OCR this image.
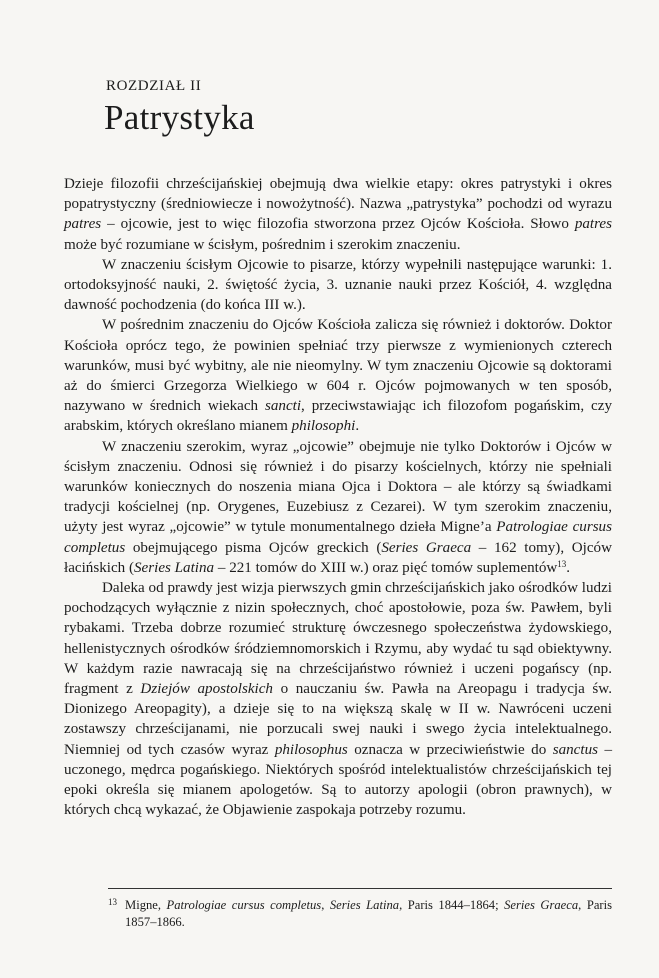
ROZDZIAŁ II
Patrystyka

Dzieje filozofii chrześcijańskiej obejmują dwa wielkie etapy: okres patrystyki i okres popatrystyczny (średniowiecze i nowożytność). Nazwa „patrystyka” pochodzi od wyrazu patres – ojcowie, jest to więc filozofia stworzona przez Ojców Kościoła. Słowo patres może być rozumiane w ścisłym, pośrednim i szerokim znaczeniu.

W znaczeniu ścisłym Ojcowie to pisarze, którzy wypełnili następujące warunki: 1. ortodoksyjność nauki, 2. świętość życia, 3. uznanie nauki przez Kościół, 4. względna dawność pochodzenia (do końca III w.).

W pośrednim znaczeniu do Ojców Kościoła zalicza się również i doktorów. Doktor Kościoła oprócz tego, że powinien spełniać trzy pierwsze z wymienionych czterech warunków, musi być wybitny, ale nie nieomylny. W tym znaczeniu Ojcowie są doktorami aż do śmierci Grzegorza Wielkiego w 604 r. Ojców pojmowanych w ten sposób, nazywano w średnich wiekach sancti, przeciwstawiając ich filozofom pogańskim, czy arabskim, których określano mianem philosophi.

W znaczeniu szerokim, wyraz „ojcowie” obejmuje nie tylko Doktorów i Ojców w ścisłym znaczeniu. Odnosi się również i do pisarzy kościelnych, którzy nie spełniali warunków koniecznych do noszenia miana Ojca i Doktora – ale którzy są świadkami tradycji kościelnej (np. Orygenes, Euzebiusz z Cezarei). W tym szerokim znaczeniu, użyty jest wyraz „ojcowie” w tytule monumentalnego dzieła Migne’a Patrologiae cursus completus obejmującego pisma Ojców greckich (Series Graeca – 162 tomy), Ojców łacińskich (Series Latina – 221 tomów do XIII w.) oraz pięć tomów suplementów$^{13}$.

Daleka od prawdy jest wizja pierwszych gmin chrześcijańskich jako ośrodków ludzi pochodzących wyłącznie z nizin społecznych, choć apostołowie, poza św. Pawłem, byli rybakami. Trzeba dobrze rozumieć strukturę ówczesnego społeczeństwa żydowskiego, hellenistycznych ośrodków śródziemnomorskich i Rzymu, aby wydać tu sąd obiektywny. W każdym razie nawracają się na chrześcijaństwo również i uczeni pogańscy (np. fragment z Dziejów apostolskich o nauczaniu św. Pawła na Areopagu i tradycja św. Dionizego Areopagity), a dzieje się to na większą skalę w II w. Nawróceni uczeni zostawszy chrześcijanami, nie porzucali swej nauki i swego życia intelektualnego. Niemniej od tych czasów wyraz philosophus oznacza w przeciwieństwie do sanctus – uczonego, mędrca pogańskiego. Niektórych spośród intelektualistów chrześcijańskich tej epoki określa się mianem apologetów. Są to autorzy apologii (obron prawnych), w których chcą wykazać, że Objawienie zaspokaja potrzeby rozumu.

$^{13}$ Migne, Patrologiae cursus completus, Series Latina, Paris 1844–1864; Series Graeca, Paris 1857–1866.
